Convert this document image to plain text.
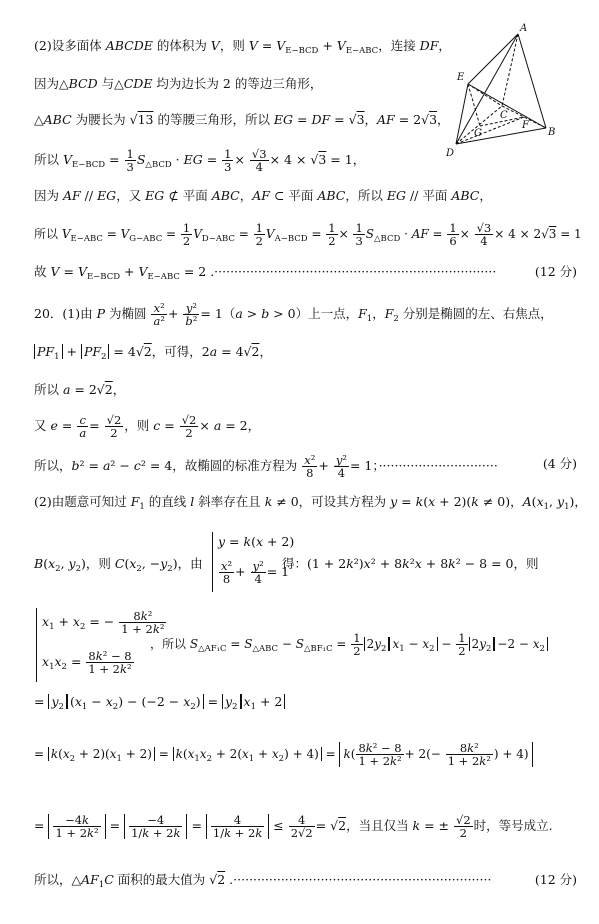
(2)设多面体 ABCDE 的体积为 V，则 $V = V_{E-BCD} + V_{E-ABC}$，连接 DF，
因为△BCD 与△CDE 均为边长为 2 的等边三角形，
△ABC 为腰长为 √13 的等腰三角形，所以 EG = DF = √3，AF = 2√3，
所以 $V_{E-BCD} = \frac{1}{3} S_{\triangle BCD}$ · EG = $\frac{1}{3} \times \frac{√3}{4} \times 4 \times √3 = 1$，
因为 AF // EG，又 EG ⊄ 平面 ABC，AF ⊂ 平面 ABC，所以 EG // 平面 ABC，
所以 $V_{E-ABC} = V_{G-ABC} = \frac{1}{2} V_{D-ABC} = \frac{1}{2} V_{A-BCD} = \frac{1}{2} \times \frac{1}{3} S_{\triangle BCD}$ · AF = $\frac{1}{6} \times \frac{√3}{4} \times 4 \times 2√3 = 1$
故 $V = V_{E-BCD} + V_{E-ABC} = 2$ .·······································································	(12 分)
A
E
C
G
F
B
D
20．(1)由 P 为椭圆 $\frac{\text{x²}}{\text{a²}} + \frac{\text{y²}}{\text{b²}} = 1(a > b > 0)$上一点，$F_1$，$F_2$ 分别是椭圆的左、右焦点，
$PF_1 + PF_2 = 4√2$，可得，2a = 4√2，
所以 a = 2√2，
又 $e = \frac{c}{a} = \frac{√2}{2}$ ，则 $c = \frac{√2}{2} \times a = 2$，
所以，b² = a² − c² = 4，故椭圆的标准方程为 $\frac{\text{x²}}{8} + \frac{\text{y²}}{4} = 1$；······························	(4 分)
(2)由题意可知过 $F_1$ 的直线 l 斜率存在且 k ≠ 0，可设其方程为 y = k(x + 2)(k ≠ 0)，$A(x_1$, $y_1$)，
$B(x_2$, $y_2$)，则 $C(x_2$, $-y_2$)，由
y = k(x + 2)
$\frac{\text{x²}}{8} + \frac{\text{y²}}{4} = 1$
得：(1 + 2k²)x² + 8k²x + 8k² − 8 = 0，则
$x_1 + x_2$ = − $\frac{\text{8k²}}{\text{1 + 2k²}}$
$x_1x_2 = \frac{\text{8k² − 8}}{\text{1 + 2k²}}$
，所以 $S_{\triangle AF_1C} = S_{\triangle ABC} - S_{\triangle BF_1C} = \frac{1}{2} 2y_2$ $x_1 - x_2 - \frac{1}{2} 2y_2 -2 - x_2$
= $y_2$ $(x_1 - x_2) - (-2 - x_2) = y_2$ $x_1 + 2$
= $k(x_2 + 2)(x_1 + 2) = k(x_1x_2 + 2(x_1 + x_2) + 4) = k( \frac{\text{8k² − 8}}{\text{1 + 2k²}} + 2(- \frac{\text{8k²}}{\text{1 + 2k²}}$ ) + 4)
= $\frac{-4k}{\text{1 + 2k²}} = \frac{-4}{1/k + 2k} = \frac{4}{1/k + 2k} \le \frac{4}{2√2} = √2$，当且仅当 k = ± $\frac{√2}{2}$ 时，等号成立.
所以，$\triangle AF_1C$ 面积的最大值为 √2 .·································································	(12 分)
